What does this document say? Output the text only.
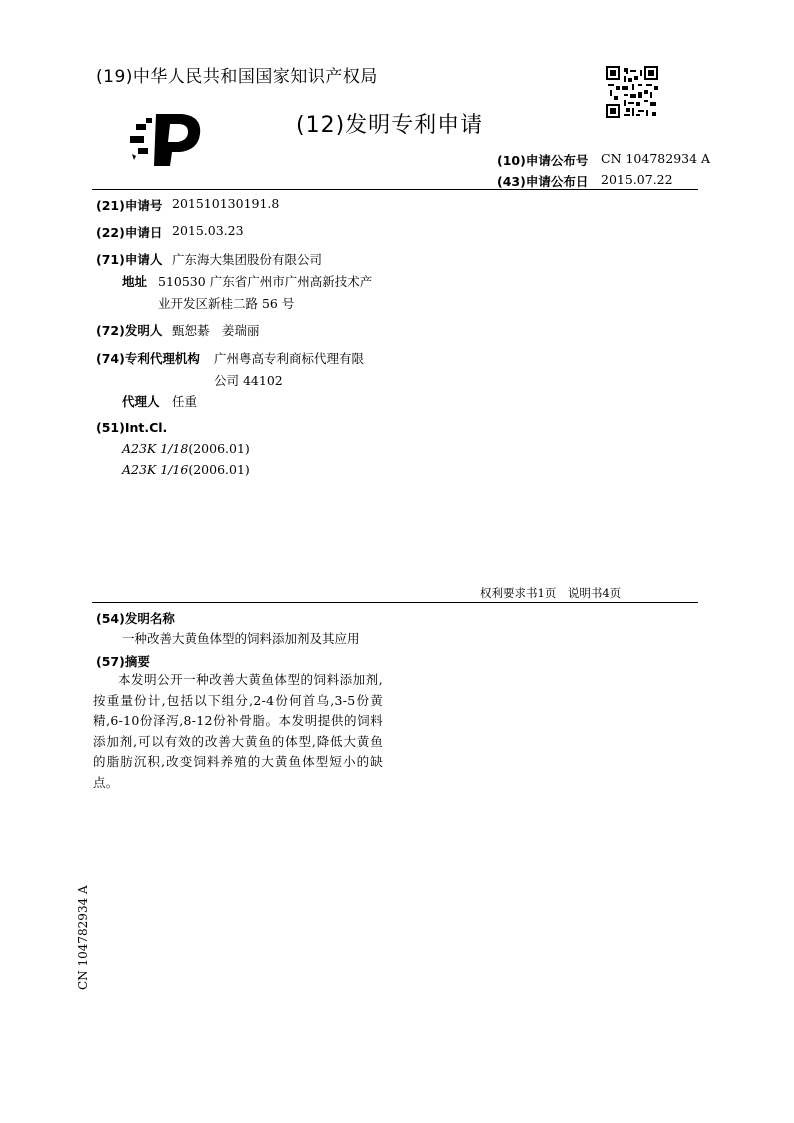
(19)中华人民共和国国家知识产权局
(12)发明专利申请
(10)申请公布号 CN 104782934 A
(43)申请公布日 2015.07.22
(21)申请号 201510130191.8
(22)申请日 2015.03.23
(71)申请人 广东海大集团股份有限公司
地址 510530 广东省广州市广州高新技术产
业开发区新桂二路 56 号
(72)发明人 甄恕綦　姜瑞丽
(74)专利代理机构 广州粤高专利商标代理有限
公司 44102
代理人 任重
(51)Int.Cl.
A23K 1/18(2006.01)
A23K 1/16(2006.01)
权利要求书1页　说明书4页
(54)发明名称
一种改善大黄鱼体型的饲料添加剂及其应用
(57)摘要
本发明公开一种改善大黄鱼体型的饲料添加剂,按重量份计,包括以下组分,2-4份何首乌,3-5份黄精,6-10份泽泻,8-12份补骨脂。本发明提供的饲料添加剂,可以有效的改善大黄鱼的体型,降低大黄鱼的脂肪沉积,改变饲料养殖的大黄鱼体型短小的缺点。
CN 104782934 A
